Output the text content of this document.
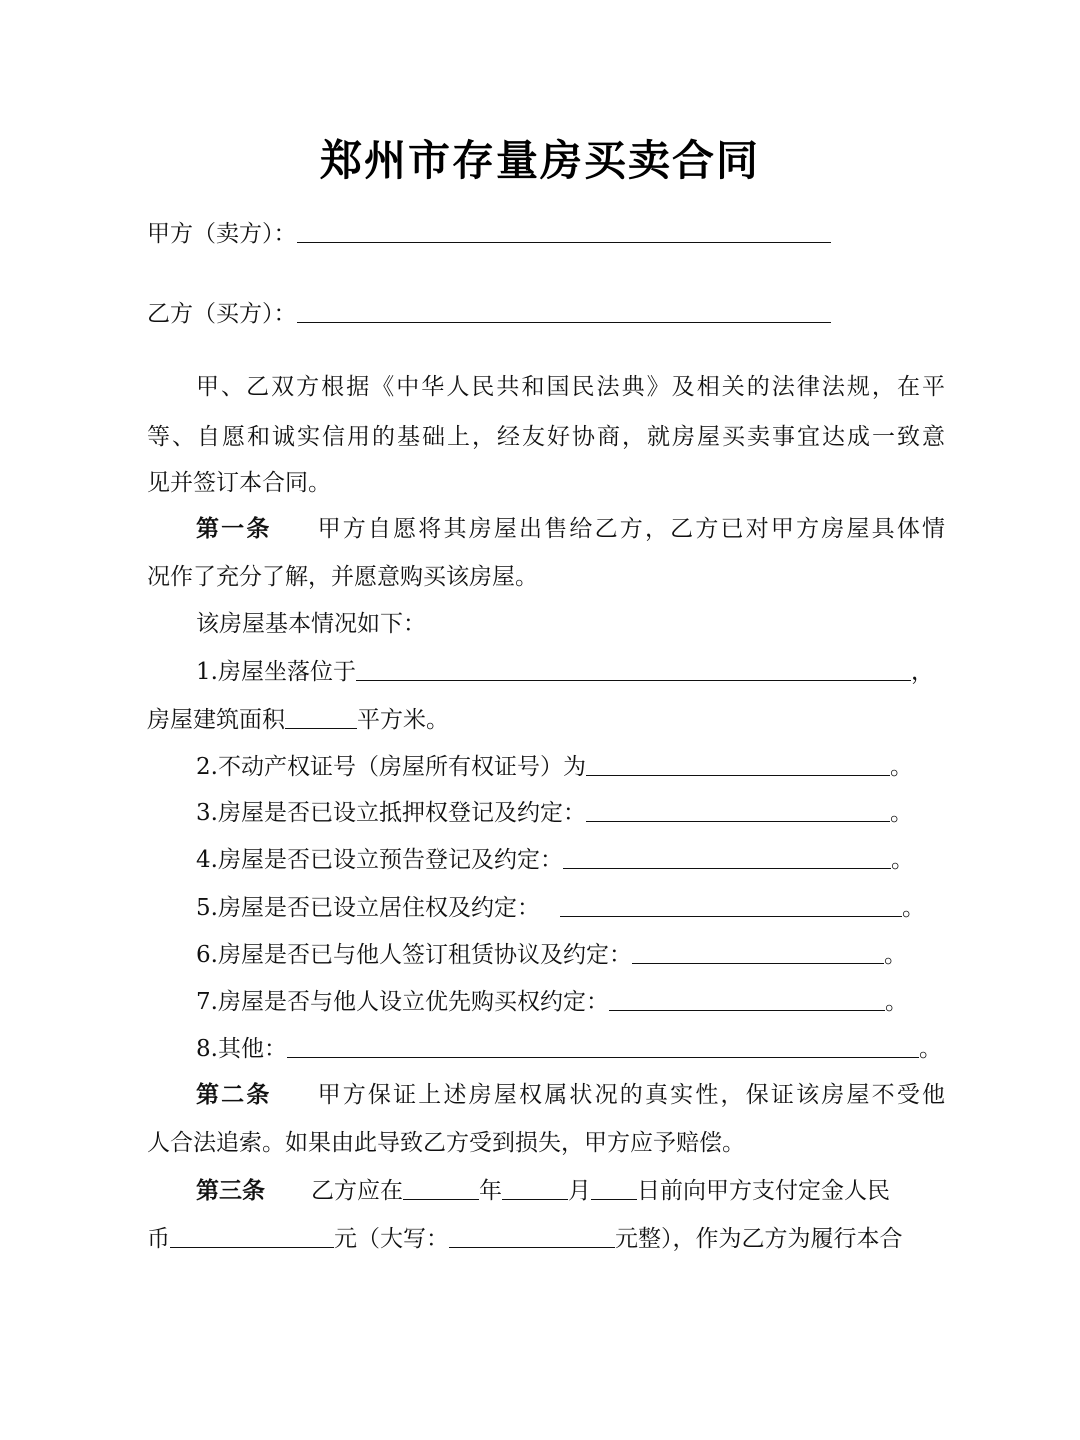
郑州市存量房买卖合同
甲方（卖方）：
乙方（买方）：
甲、乙双方根据《中华人民共和国民法典》及相关的法律法规，在平
等、自愿和诚实信用的基础上，经友好协商，就房屋买卖事宜达成一致意
见并签订本合同。
第一条 甲方自愿将其房屋出售给乙方，乙方已对甲方房屋具体情
况作了充分了解，并愿意购买该房屋。
该房屋基本情况如下：
1.房屋坐落位于	，
房屋建筑面积	平方米。
2.不动产权证号（房屋所有权证号）为	。
3.房屋是否已设立抵押权登记及约定：	。
4.房屋是否已设立预告登记及约定：	。
5.房屋是否已设立居住权及约定：	。
6.房屋是否已与他人签订租赁协议及约定：	。
7.房屋是否与他人设立优先购买权约定：	。
8.其他：	。
第二条 甲方保证上述房屋权属状况的真实性，保证该房屋不受他
人合法追索。如果由此导致乙方受到损失，甲方应予赔偿。
第三条 乙方应在	年	月 日前向甲方支付定金人民
币	元（大写：	元整），作为乙方为履行本合
